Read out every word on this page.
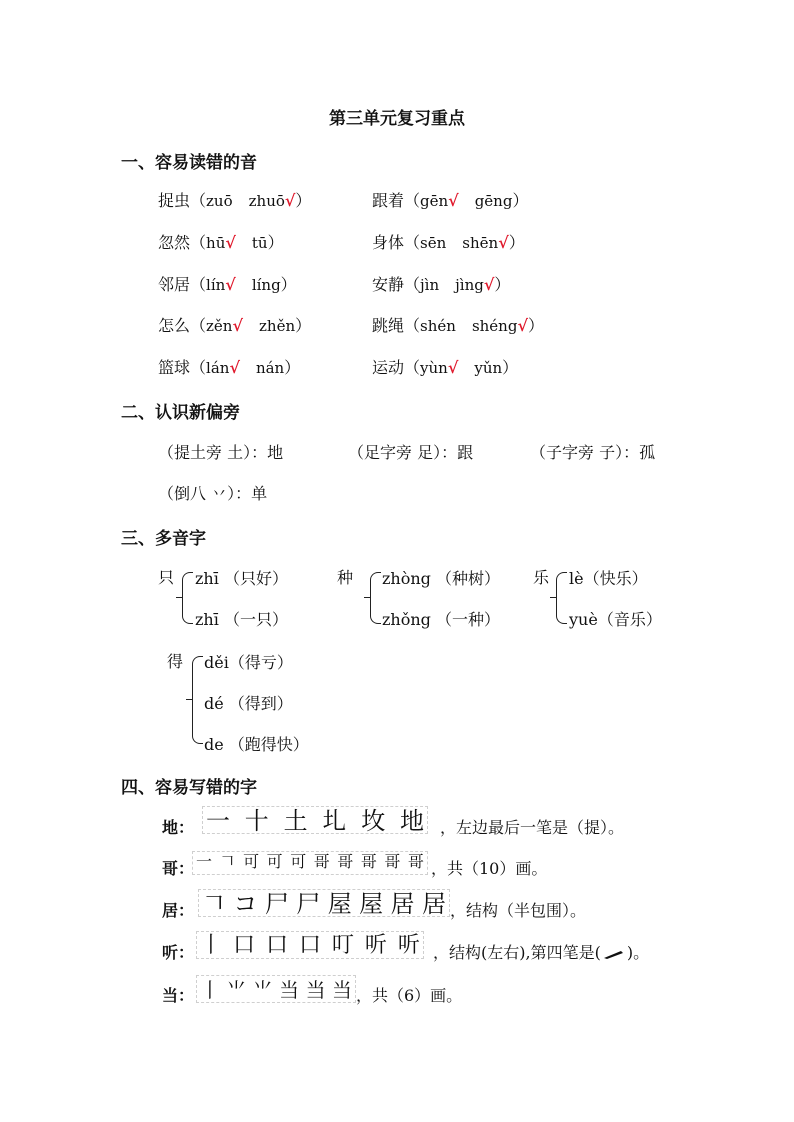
第三单元复习重点
一、容易读错的音
捉虫（zuō zhuō√）	跟着（gēn√ gēng）
忽然（hū√ tū）	身体（sēn shēn√）
邻居（lín√ líng）	安静（jìn jìng√）
怎么（zěn√ zhěn）	跳绳（shén shéng√）
篮球（lán√ nán）	运动（yùn√ yǔn）
二、认识新偏旁
（提土旁 土）：地	（足字旁 足）：跟	（子字旁 子）：孤
（倒八 丷）：单
三、多音字
只 zhī （只好）
zhī （一只）
种 zhòng （种树）
zhǒng （一种）
乐 lè（快乐）
yuè（音乐）
得 děi（得亏）
dé （得到）
de （跑得快）
四、容易写错的字
地： 一 十 土 圠 坆 地 ，左边最后一笔是（提）。
哥： 一 𠃍 可 可 可 哥 哥 哥 哥 哥 ，共（10）画。
居： 𠃍 コ 尸 尸 屋 屋 居 居 ，结构（半包围）。
听： 丨 口 口 口 叮 听 听 ，结构(左右),第四笔是( )。
当： 丨 ⺌ ⺌ 当 当 当 ，共（6）画。
